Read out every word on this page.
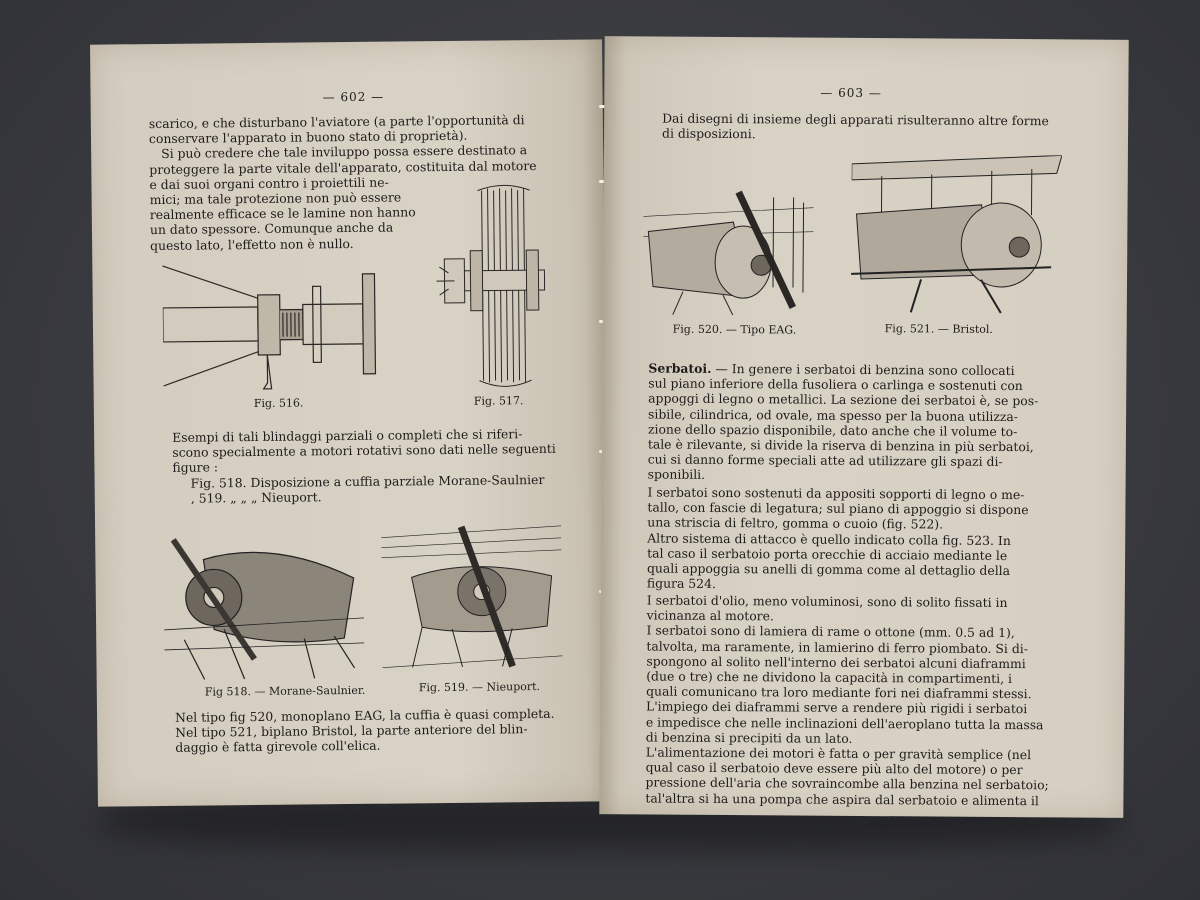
— 602 —
scarico, e che disturbano l'aviatore (a parte l'opportunità di
conservare l'apparato in buono stato di proprietà).
Si può credere che tale inviluppo possa essere destinato a
proteggere la parte vitale dell'apparato, costituita dal motore
e dai suoi organi contro i proiettili ne-
mici; ma tale protezione non può essere
realmente efficace se le lamine non hanno
un dato spessore. Comunque anche da
questo lato, l'effetto non è nullo.
Fig. 516.	Fig. 517.
Esempi di tali blindaggi parziali o completi che si riferi-
scono specialmente a motori rotativi sono dati nelle seguenti
figure :
Fig. 518. Disposizione a cuffia parziale Morane-Saulnier
, 519. „ „ „ Nieuport.
Fig 518. — Morane-Saulnier.	Fig. 519. — Nieuport.
Nel tipo fig 520, monoplano EAG, la cuffia è quasi completa.
Nel tipo 521, biplano Bristol, la parte anteriore del blin-
daggio è fatta girevole coll'elica.
— 603 —
Dai disegni di insieme degli apparati risulteranno altre forme
di disposizioni.
Fig. 520. — Tipo EAG.	Fig. 521. — Bristol.
Serbatoi. — In genere i serbatoi di benzina sono collocati
sul piano inferiore della fusoliera o carlinga e sostenuti con
appoggi di legno o metallici. La sezione dei serbatoi è, se pos-
sibile, cilindrica, od ovale, ma spesso per la buona utilizza-
zione dello spazio disponibile, dato anche che il volume to-
tale è rilevante, si divide la riserva di benzina in più serbatoi,
cui si danno forme speciali atte ad utilizzare gli spazi di-
sponibili.
I serbatoi sono sostenuti da appositi sopporti di legno o me-
tallo, con fascie di legatura; sul piano di appoggio si dispone
una striscia di feltro, gomma o cuoio (fig. 522).
Altro sistema di attacco è quello indicato colla fig. 523. In
tal caso il serbatoio porta orecchie di acciaio mediante le
quali appoggia su anelli di gomma come al dettaglio della
figura 524.
I serbatoi d'olio, meno voluminosi, sono di solito fissati in
vicinanza al motore.
I serbatoi sono di lamiera di rame o ottone (mm. 0.5 ad 1),
talvolta, ma raramente, in lamierino di ferro piombato. Si di-
spongono al solito nell'interno dei serbatoi alcuni diaframmi
(due o tre) che ne dividono la capacità in compartimenti, i
quali comunicano tra loro mediante fori nei diaframmi stessi.
L'impiego dei diaframmi serve a rendere più rigidi i serbatoi
e impedisce che nelle inclinazioni dell'aeroplano tutta la massa
di benzina si precipiti da un lato.
L'alimentazione dei motori è fatta o per gravità semplice (nel
qual caso il serbatoio deve essere più alto del motore) o per
pressione dell'aria che sovraincombe alla benzina nel serbatoio;
tal'altra si ha una pompa che aspira dal serbatoio e alimenta il
